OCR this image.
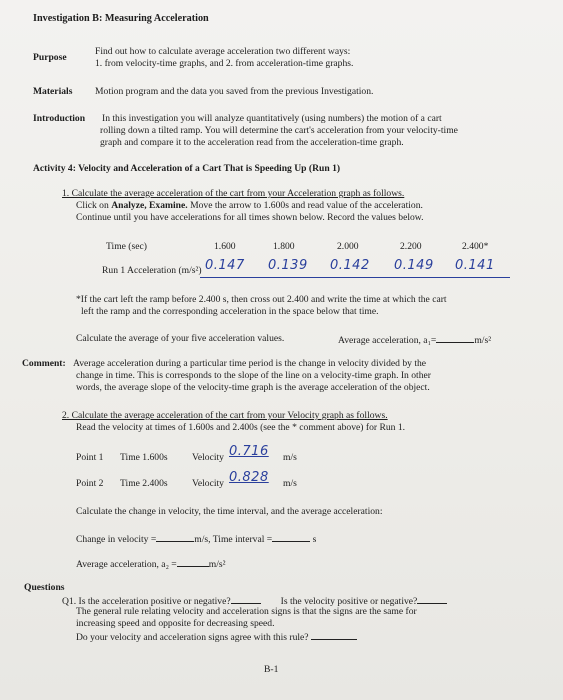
Investigation B: Measuring Acceleration
Purpose
Find out how to calculate average acceleration two different ways:
1. from velocity-time graphs, and 2. from acceleration-time graphs.
Materials Motion program and the data you saved from the previous Investigation.
Introduction In this investigation you will analyze quantitatively (using numbers) the motion of a cart
rolling down a tilted ramp. You will determine the cart's acceleration from your velocity-time
graph and compare it to the acceleration read from the acceleration-time graph.
Activity 4: Velocity and Acceleration of a Cart That is Speeding Up (Run 1)
1. Calculate the average acceleration of the cart from your Acceleration graph as follows.
Click on Analyze, Examine. Move the arrow to 1.600s and read value of the acceleration.
Continue until you have accelerations for all times shown below. Record the values below.
Time (sec)	1.600	1.800	2.000	2.200	2.400*
Run 1 Acceleration (m/s²) 0.147 0.139 0.142 0.149 0.141
*If the cart left the ramp before 2.400 s, then cross out 2.400 and write the time at which the cart
left the ramp and the corresponding acceleration in the space below that time.
Calculate the average of your five acceleration values.	Average acceleration, a₁=	m/s²
Comment: Average acceleration during a particular time period is the change in velocity divided by the
change in time. This is corresponds to the slope of the line on a velocity-time graph. In other
words, the average slope of the velocity-time graph is the average acceleration of the object.
2. Calculate the average acceleration of the cart from your Velocity graph as follows.
Read the velocity at times of 1.600s and 2.400s (see the * comment above) for Run 1.
Point 1 Time 1.600s	Velocity 0.716 m/s
Point 2 Time 2.400s	Velocity 0.828 m/s
Calculate the change in velocity, the time interval, and the average acceleration:
Change in velocity =	m/s, Time interval =	s
Average acceleration, a₂ =	m/s²
Questions
Q1. Is the acceleration positive or negative?	Is the velocity positive or negative?
The general rule relating velocity and acceleration signs is that the signs are the same for
increasing speed and opposite for decreasing speed.
Do your velocity and acceleration signs agree with this rule?
B-1
